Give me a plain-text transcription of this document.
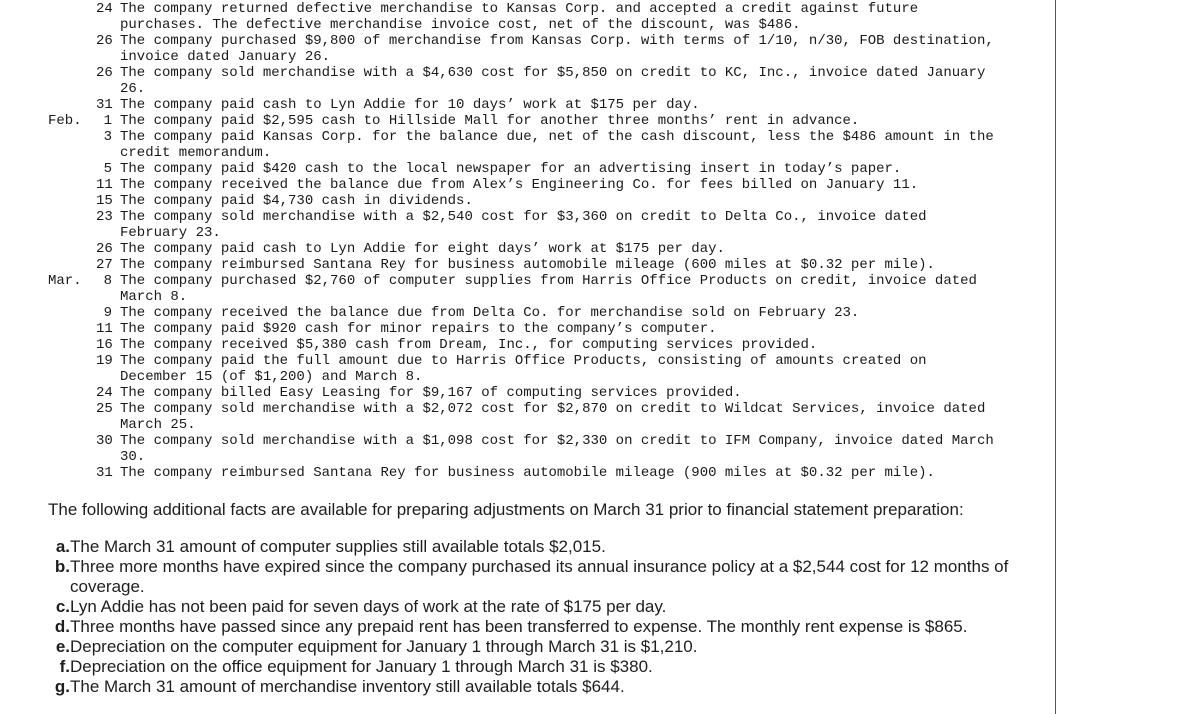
24 The company returned defective merchandise to Kansas Corp. and accepted a credit against future purchases. The defective merchandise invoice cost, net of the discount, was $486.
26 The company purchased $9,800 of merchandise from Kansas Corp. with terms of 1/10, n/30, FOB destination, invoice dated January 26.
26 The company sold merchandise with a $4,630 cost for $5,850 on credit to KC, Inc., invoice dated January 26.
31 The company paid cash to Lyn Addie for 10 days’ work at $175 per day.
Feb.	1 The company paid $2,595 cash to Hillside Mall for another three months’ rent in advance.
3 The company paid Kansas Corp. for the balance due, net of the cash discount, less the $486 amount in the credit memorandum.
5 The company paid $420 cash to the local newspaper for an advertising insert in today’s paper.
11 The company received the balance due from Alex’s Engineering Co. for fees billed on January 11.
15 The company paid $4,730 cash in dividends.
23 The company sold merchandise with a $2,540 cost for $3,360 on credit to Delta Co., invoice dated February 23.
26 The company paid cash to Lyn Addie for eight days’ work at $175 per day.
27 The company reimbursed Santana Rey for business automobile mileage (600 miles at $0.32 per mile).
Mar.	8 The company purchased $2,760 of computer supplies from Harris Office Products on credit, invoice dated March 8.
9 The company received the balance due from Delta Co. for merchandise sold on February 23.
11 The company paid $920 cash for minor repairs to the company’s computer.
16 The company received $5,380 cash from Dream, Inc., for computing services provided.
19 The company paid the full amount due to Harris Office Products, consisting of amounts created on December 15 (of $1,200) and March 8.
24 The company billed Easy Leasing for $9,167 of computing services provided.
25 The company sold merchandise with a $2,072 cost for $2,870 on credit to Wildcat Services, invoice dated March 25.
30 The company sold merchandise with a $1,098 cost for $2,330 on credit to IFM Company, invoice dated March 30.
31 The company reimbursed Santana Rey for business automobile mileage (900 miles at $0.32 per mile).

The following additional facts are available for preparing adjustments on March 31 prior to financial statement preparation:

a. The March 31 amount of computer supplies still available totals $2,015.
b. Three more months have expired since the company purchased its annual insurance policy at a $2,544 cost for 12 months of coverage.
c. Lyn Addie has not been paid for seven days of work at the rate of $175 per day.
d. Three months have passed since any prepaid rent has been transferred to expense. The monthly rent expense is $865.
e. Depreciation on the computer equipment for January 1 through March 31 is $1,210.
f. Depreciation on the office equipment for January 1 through March 31 is $380.
g. The March 31 amount of merchandise inventory still available totals $644.
